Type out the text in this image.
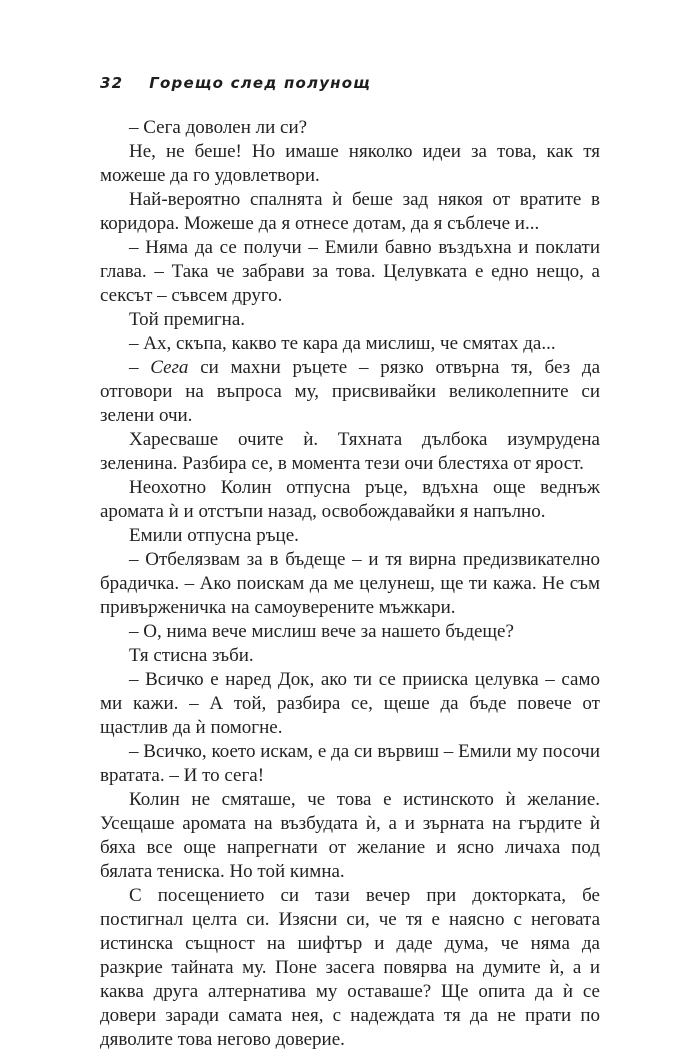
32 Горещо след полунощ

– Сега доволен ли си?

Не, не беше! Но имаше няколко идеи за това, как тя можеше да го удовлетвори.

Най-вероятно спалнята ѝ беше зад някоя от вратите в коридора. Можеше да я отнесе дотам, да я съблече и...

– Няма да се получи – Емили бавно въздъхна и поклати глава. – Така че забрави за това. Целувката е едно нещо, а сексът – съвсем друго.

Той премигна.

– Ах, скъпа, какво те кара да мислиш, че смятах да...

– Сега си махни ръцете – рязко отвърна тя, без да отговори на въпроса му, присвивайки великолепните си зелени очи.

Харесваше очите ѝ. Тяхната дълбока изумрудена зеленина. Разбира се, в момента тези очи блестяха от ярост.

Неохотно Колин отпусна ръце, вдъхна още веднъж аромата ѝ и отстъпи назад, освобождавайки я напълно.

Емили отпусна ръце.

– Отбелязвам за в бъдеще – и тя вирна предизвикателно брадичка. – Ако поискам да ме целунеш, ще ти кажа. Не съм привърженичка на самоуверените мъжкари.

– О, нима вече мислиш вече за нашето бъдеще?

Тя стисна зъби.

– Всичко е наред Док, ако ти се прииска целувка – само ми кажи. – А той, разбира се, щеше да бъде повече от щастлив да ѝ помогне.

– Всичко, което искам, е да си вървиш – Емили му посочи вратата. – И то сега!

Колин не смяташе, че това е истинското ѝ желание. Усещаше аромата на възбудата ѝ, а и зърната на гърдите ѝ бяха все още напрегнати от желание и ясно личаха под бялата тениска. Но той кимна.

С посещението си тази вечер при докторката, бе постигнал целта си. Изясни си, че тя е наясно с неговата истинска същност на шифтър и даде дума, че няма да разкрие тайната му. Поне засега повярва на думите ѝ, а и каква друга алтернатива му оставаше? Ще опита да ѝ се довери заради самата нея, с надеждата тя да не прати по дяволите това негово доверие.
